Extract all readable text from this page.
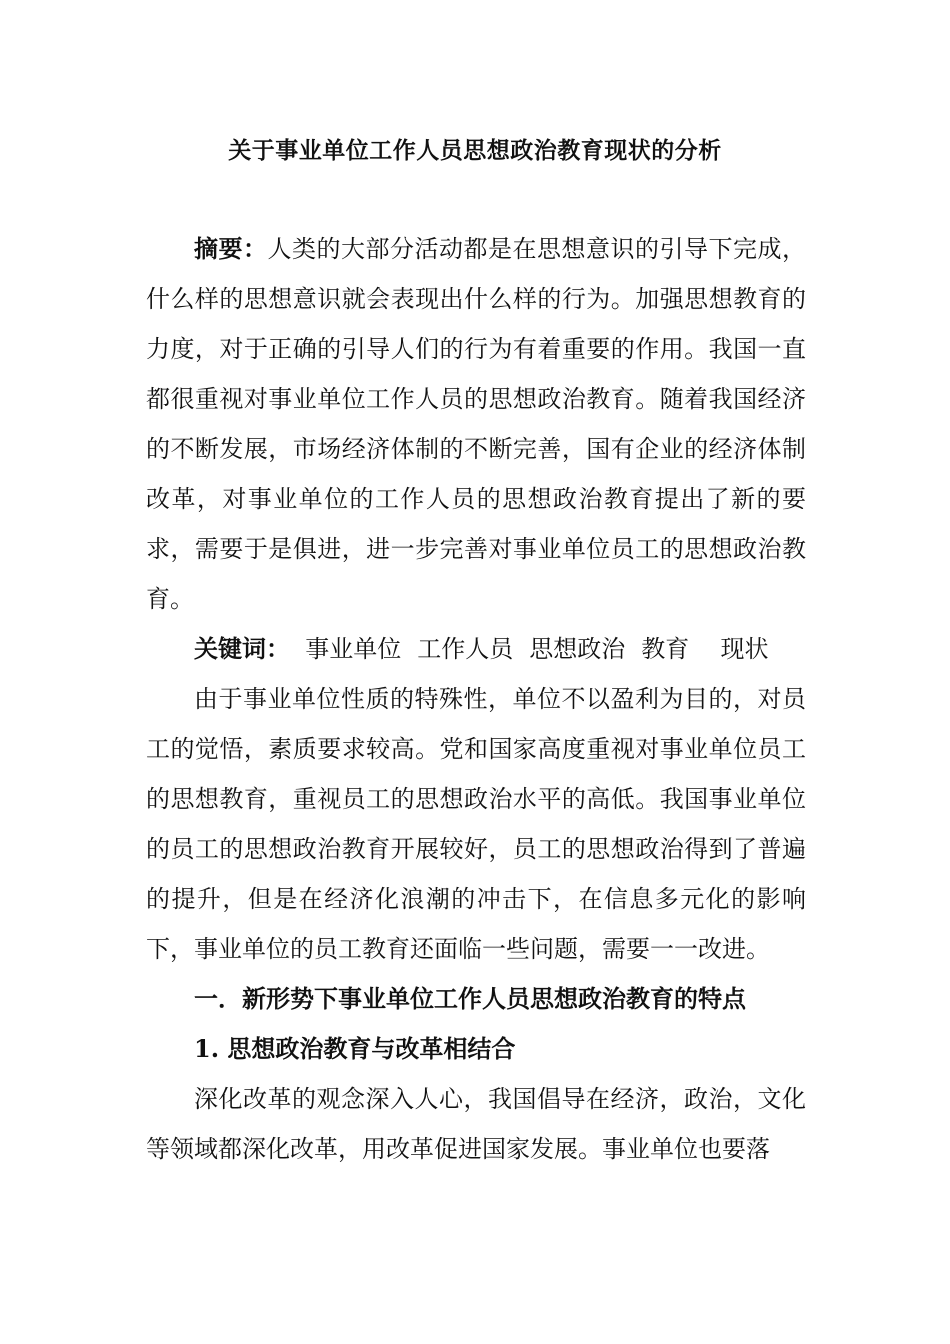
关于事业单位工作人员思想政治教育现状的分析

摘要：人类的大部分活动都是在思想意识的引导下完成，什么样的思想意识就会表现出什么样的行为。加强思想教育的力度，对于正确的引导人们的行为有着重要的作用。我国一直都很重视对事业单位工作人员的思想政治教育。随着我国经济的不断发展，市场经济体制的不断完善，国有企业的经济体制改革，对事业单位的工作人员的思想政治教育提出了新的要求，需要于是俱进，进一步完善对事业单位员工的思想政治教育。

关键词： 事业单位 工作人员 思想政治 教育 现状

由于事业单位性质的特殊性，单位不以盈利为目的，对员工的觉悟，素质要求较高。党和国家高度重视对事业单位员工的思想教育，重视员工的思想政治水平的高低。我国事业单位的员工的思想政治教育开展较好，员工的思想政治得到了普遍的提升，但是在经济化浪潮的冲击下，在信息多元化的影响下，事业单位的员工教育还面临一些问题，需要一一改进。

一．新形势下事业单位工作人员思想政治教育的特点

1. 思想政治教育与改革相结合

深化改革的观念深入人心，我国倡导在经济，政治，文化等领域都深化改革，用改革促进国家发展。事业单位也要落
